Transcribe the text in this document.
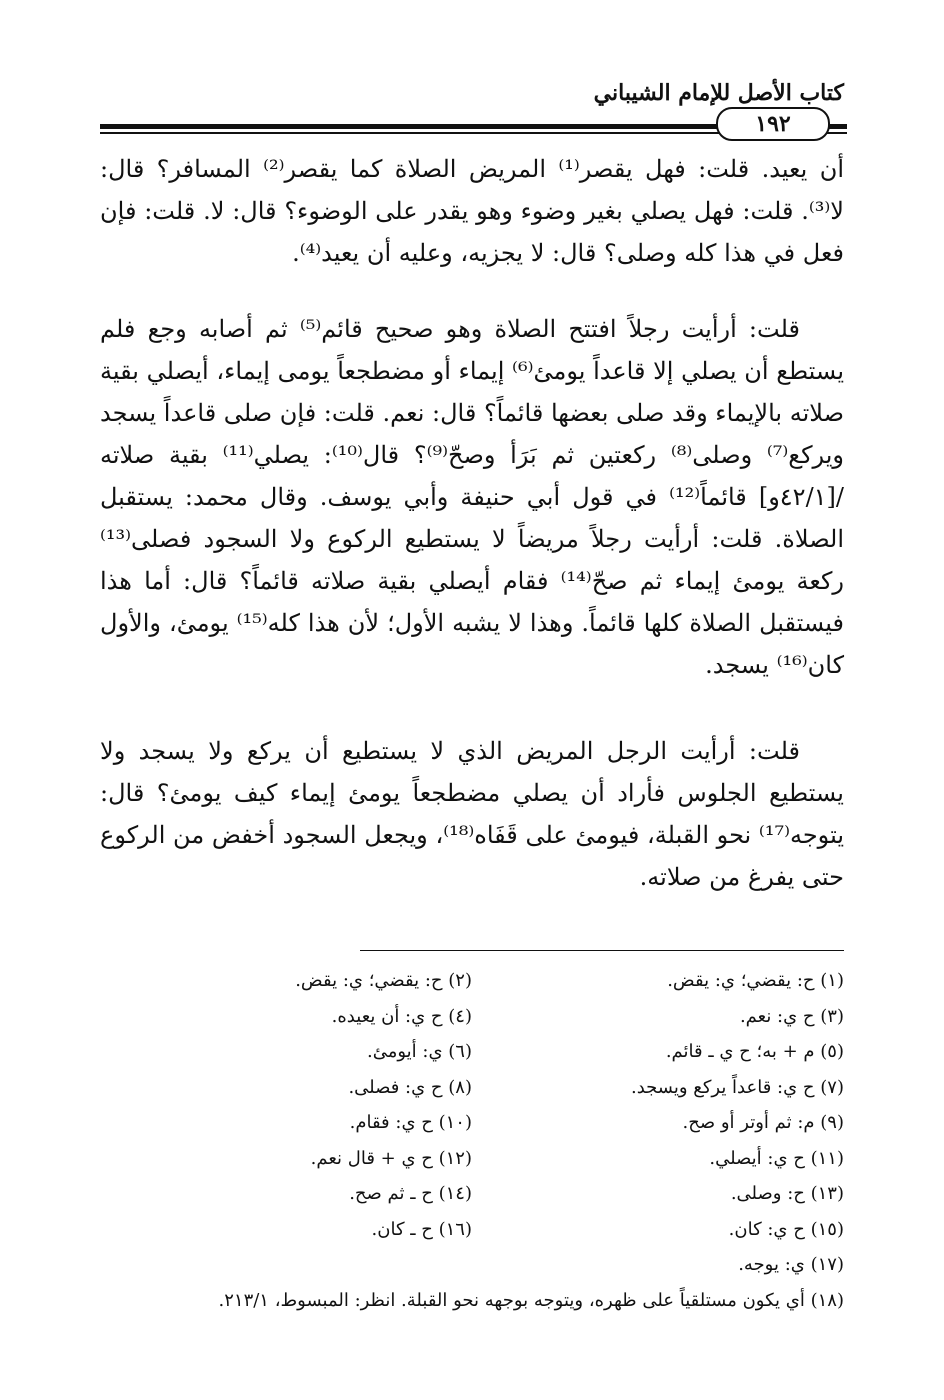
كتاب الأصل للإمام الشيباني
١٩٢

أن يعيد. قلت: فهل يقصر⁽¹⁾ المريض الصلاة كما يقصر⁽²⁾ المسافر؟ قال: لا⁽³⁾. قلت: فهل يصلي بغير وضوء وهو يقدر على الوضوء؟ قال: لا. قلت: فإن فعل في هذا كله وصلى؟ قال: لا يجزيه، وعليه أن يعيد⁽⁴⁾.

قلت: أرأيت رجلاً افتتح الصلاة وهو صحيح قائم⁽⁵⁾ ثم أصابه وجع فلم يستطع أن يصلي إلا قاعداً يومئ⁽⁶⁾ إيماء أو مضطجعاً يومى إيماء، أيصلي بقية صلاته بالإيماء وقد صلى بعضها قائماً؟ قال: نعم. قلت: فإن صلى قاعداً يسجد ويركع⁽⁷⁾ وصلى⁽⁸⁾ ركعتين ثم بَرَأ وصحّ⁽⁹⁾؟ قال⁽¹⁰⁾: يصلي⁽¹¹⁾ بقية صلاته /[٤٢/١و] قائماً⁽¹²⁾ في قول أبي حنيفة وأبي يوسف. وقال محمد: يستقبل الصلاة. قلت: أرأيت رجلاً مريضاً لا يستطيع الركوع ولا السجود فصلى⁽¹³⁾ ركعة يومئ إيماء ثم صحّ⁽¹⁴⁾ فقام أيصلي بقية صلاته قائماً؟ قال: أما هذا فيستقبل الصلاة كلها قائماً. وهذا لا يشبه الأول؛ لأن هذا كله⁽¹⁵⁾ يومئ، والأول كان⁽¹⁶⁾ يسجد.

قلت: أرأيت الرجل المريض الذي لا يستطيع أن يركع ولا يسجد ولا يستطيع الجلوس فأراد أن يصلي مضطجعاً يومئ إيماء كيف يومئ؟ قال: يتوجه⁽¹⁷⁾ نحو القبلة، فيومئ على قَفَاه⁽¹⁸⁾، ويجعل السجود أخفض من الركوع حتى يفرغ من صلاته.

(١) ح: يقضي؛ ي: يقض.
(٢) ح: يقضي؛ ي: يقض.
(٣) ح ي: نعم.
(٤) ح ي: أن يعيده.
(٥) م + به؛ ح ي ـ قائم.
(٦) ي: أيومئ.
(٧) ح ي: قاعداً يركع ويسجد.
(٨) ح ي: فصلى.
(٩) م: ثم أوتر أو صح.
(١٠) ح ي: فقام.
(١١) ح ي: أيصلي.
(١٢) ح ي + قال نعم.
(١٣) ح: وصلى.
(١٤) ح ـ ثم صح.
(١٥) ح ي: كان.
(١٦) ح ـ كان.
(١٧) ي: يوجه.
(١٨) أي يكون مستلقياً على ظهره، ويتوجه بوجهه نحو القبلة. انظر: المبسوط، ٢١٣/١.
